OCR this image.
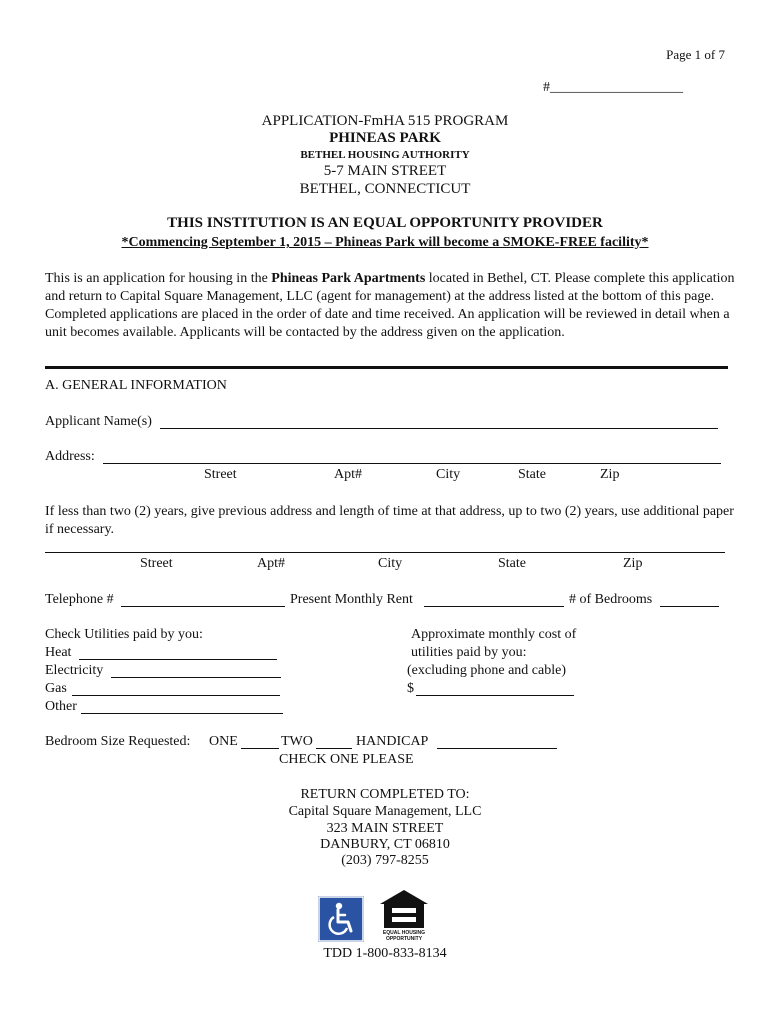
Page 1 of 7
#___________________
APPLICATION-FmHA 515 PROGRAM
PHINEAS PARK
BETHEL HOUSING AUTHORITY
5-7 MAIN STREET
BETHEL, CONNECTICUT
THIS INSTITUTION IS AN EQUAL OPPORTUNITY PROVIDER
*Commencing September 1, 2015 – Phineas Park will become a SMOKE-FREE facility*
This is an application for housing in the Phineas Park Apartments located in Bethel, CT. Please complete this application and return to Capital Square Management, LLC (agent for management) at the address listed at the bottom of this page. Completed applications are placed in the order of date and time received. An application will be reviewed in detail when a unit becomes available. Applicants will be contacted by the address given on the application.
A. GENERAL INFORMATION
Applicant Name(s)
Address:
Street	Apt#	City	State	Zip
If less than two (2) years, give previous address and length of time at that address, up to two (2) years, use additional paper if necessary.
Street	Apt#	City	State	Zip
Telephone #	Present Monthly Rent	# of Bedrooms
Check Utilities paid by you:
Heat
Electricity
Gas
Other
Approximate monthly cost of
utilities paid by you:
(excluding phone and cable)
$
Bedroom Size Requested: ONE	TWO	HANDICAP
CHECK ONE PLEASE
RETURN COMPLETED TO:
Capital Square Management, LLC
323 MAIN STREET
DANBURY, CT 06810
(203) 797-8255
EQUAL HOUSING
OPPORTUNITY
TDD 1-800-833-8134
